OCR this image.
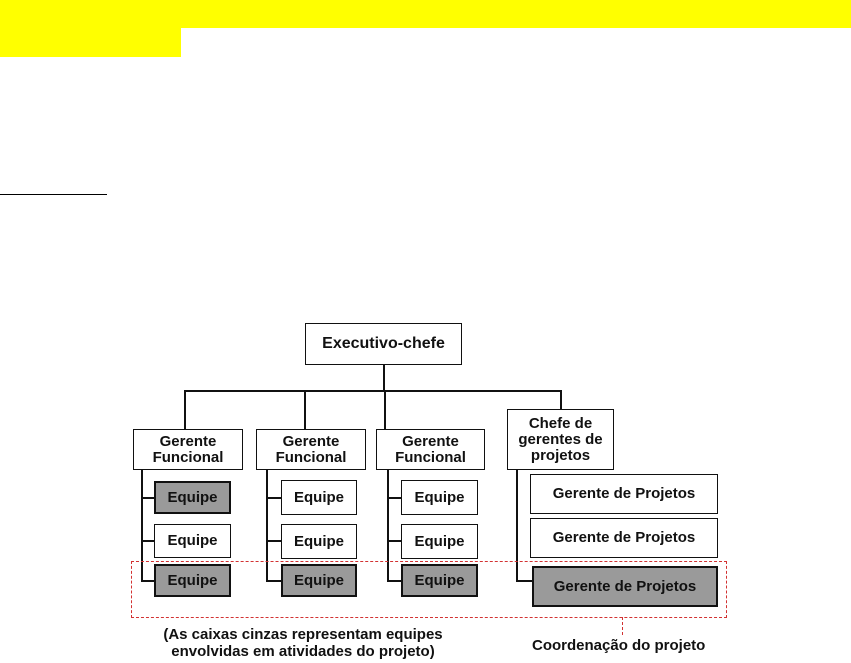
Executivo-chefe
Gerente Funcional
Gerente Funcional
Gerente Funcional
Chefe de gerentes de projetos
Equipe
Equipe
Equipe
Equipe
Equipe
Equipe
Equipe
Equipe
Equipe
Gerente de Projetos
Gerente de Projetos
Gerente de Projetos
(As caixas cinzas representam equipes envolvidas em atividades do projeto)	Coordenação do projeto
